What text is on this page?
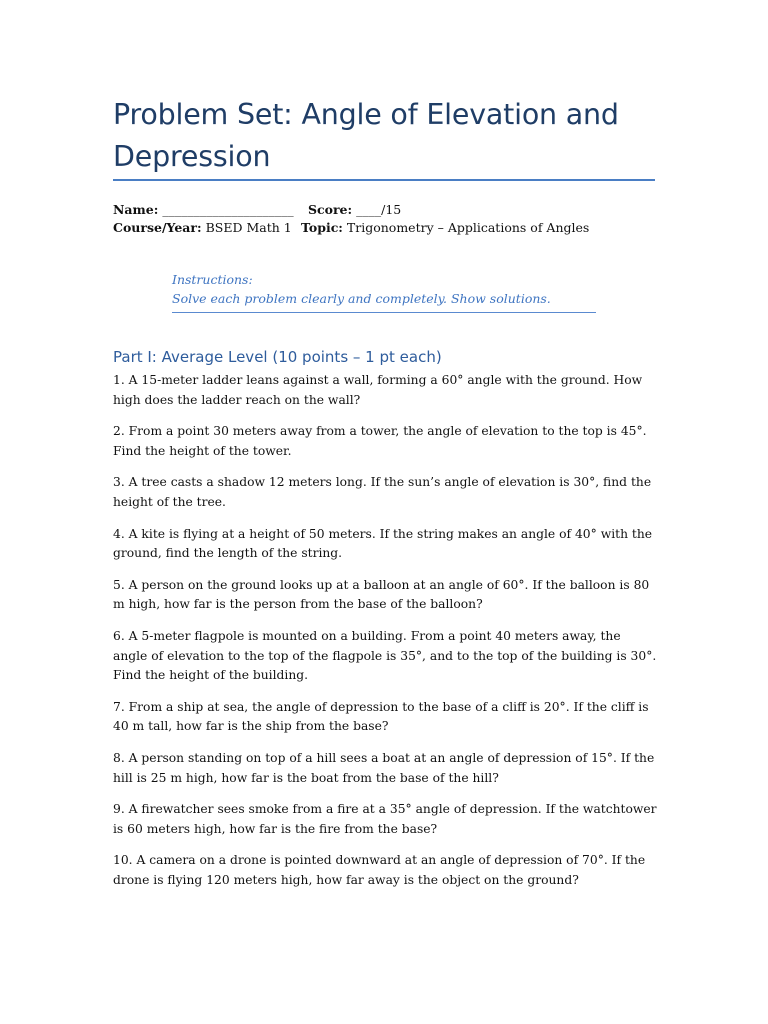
Problem Set: Angle of Elevation and Depression
Name: _____________________ Score: ____/15
Course/Year: BSED Math 1 Topic: Trigonometry – Applications of Angles
Instructions:
Solve each problem clearly and completely. Show solutions.
Part I: Average Level (10 points – 1 pt each)

1. A 15-meter ladder leans against a wall, forming a 60° angle with the ground. How high does the ladder reach on the wall?

2. From a point 30 meters away from a tower, the angle of elevation to the top is 45°. Find the height of the tower.

3. A tree casts a shadow 12 meters long. If the sun’s angle of elevation is 30°, find the height of the tree.

4. A kite is flying at a height of 50 meters. If the string makes an angle of 40° with the ground, find the length of the string.

5. A person on the ground looks up at a balloon at an angle of 60°. If the balloon is 80 m high, how far is the person from the base of the balloon?

6. A 5-meter flagpole is mounted on a building. From a point 40 meters away, the angle of elevation to the top of the flagpole is 35°, and to the top of the building is 30°. Find the height of the building.

7. From a ship at sea, the angle of depression to the base of a cliff is 20°. If the cliff is 40 m tall, how far is the ship from the base?

8. A person standing on top of a hill sees a boat at an angle of depression of 15°. If the hill is 25 m high, how far is the boat from the base of the hill?

9. A firewatcher sees smoke from a fire at a 35° angle of depression. If the watchtower is 60 meters high, how far is the fire from the base?

10. A camera on a drone is pointed downward at an angle of depression of 70°. If the drone is flying 120 meters high, how far away is the object on the ground?
